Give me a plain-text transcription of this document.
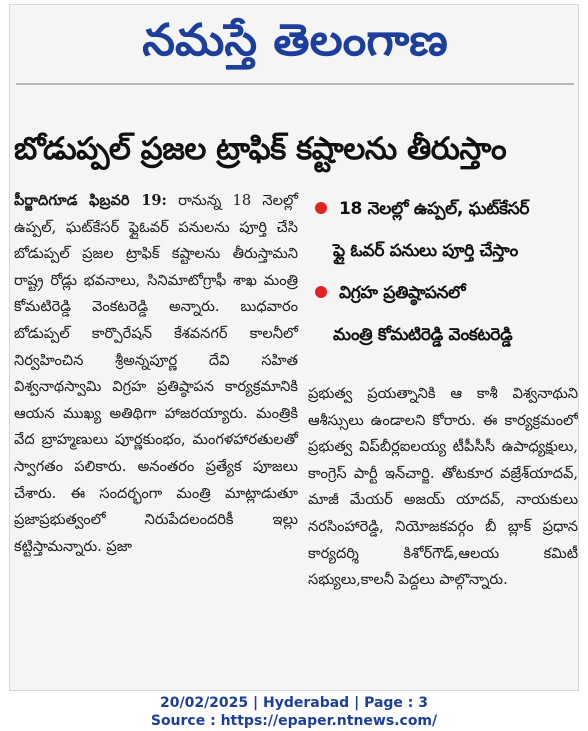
నమస్తే తెలంగాణ
బోడుప్పల్‌ ప్రజల ట్రాఫిక్‌ కష్టాలను తీరుస్తాం

పీర్జాదిగూడ ఫిబ్రవరి 19: రానున్న 18 నెలల్లో ఉప్పల్‌, ఘట్‌కేసర్‌ ఫ్లైఓవర్‌ పనులను పూర్తి చేసి బోడుప్పల్‌ ప్రజల ట్రాఫిక్‌ కష్టాలను తీరుస్తామని రాష్ట్ర రోడ్లు భవనాలు, సినిమాటోగ్రాఫీ శాఖ మంత్రి కోమటిరెడ్డి వెంకటరెడ్డి అన్నారు. బుధవారం బోడుప్పల్‌ కార్పొరేషన్‌ కేశవనగర్‌ కాలనీలో నిర్వహించిన శ్రీఅన్నపూర్ణ దేవి సహిత విశ్వనాథస్వామి విగ్రహ ప్రతిష్ఠాపన కార్యక్రమానికి ఆయన ముఖ్య అతిథిగా హాజరయ్యారు. మంత్రికి వేద బ్రాహ్మణులు పూర్ణకుంభం, మంగళహారతులతో స్వాగతం పలికారు. అనంతరం ప్రత్యేక పూజలు చేశారు. ఈ సందర్భంగా మంత్రి మాట్లాడుతూ ప్రజాప్రభుత్వంలో నిరుపేదలందరికీ ఇల్లు కట్టిస్తామన్నారు. ప్రజా

18 నెలల్లో ఉప్పల్‌, ఘట్‌కేసర్‌
ఫ్లై ఓవర్‌ పనులు పూర్తి చేస్తాం
విగ్రహ ప్రతిష్ఠాపనలో
మంత్రి కోమటిరెడ్డి వెంకటరెడ్డి

ప్రభుత్వ ప్రయత్నానికి ఆ కాశీ విశ్వనాథుని ఆశీస్సులు ఉండాలని కోరారు. ఈ కార్యక్రమంలో ప్రభుత్వ విప్‌బీర్లఐలయ్య టీపీసీసీ ఉపాధ్యక్షులు, కాంగ్రెస్‌ పార్టీ ఇన్‌చార్జి. తోటకూర వజ్రేశ్‌యాదవ్‌, మాజీ మేయర్‌ అజయ్‌ యాదవ్‌, నాయకులు నరసింహారెడ్డి, నియోజకవర్గం బీ బ్లాక్‌ ప్రధాన కార్యదర్శి కిశోర్‌గౌడ్‌,ఆలయ కమిటీ సభ్యులు,కాలనీ పెద్దలు పాల్గొన్నారు.

20/02/2025 | Hyderabad | Page : 3
Source : https://epaper.ntnews.com/
